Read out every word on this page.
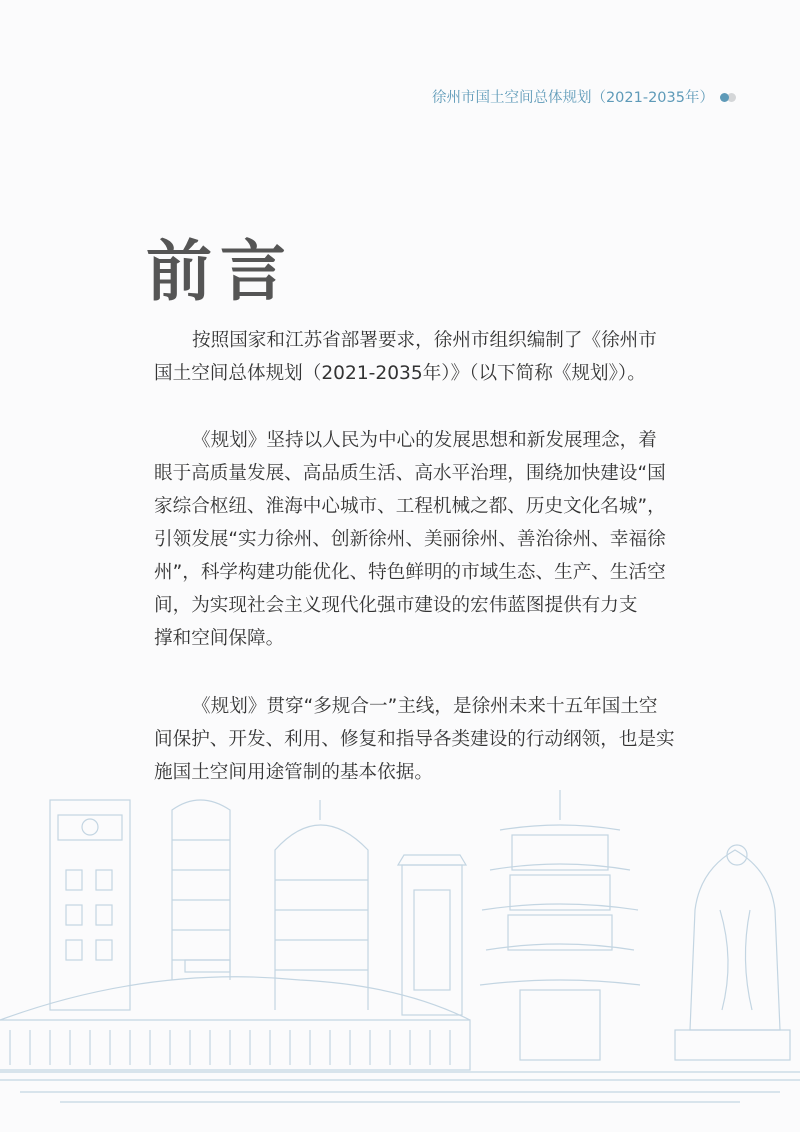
徐州市国土空间总体规划（2021-2035年）
前言
按照国家和江苏省部署要求，徐州市组织编制了《徐州市
国土空间总体规划（2021-2035年）》（以下简称《规划》）。
《规划》坚持以人民为中心的发展思想和新发展理念，着
眼于高质量发展、高品质生活、高水平治理，围绕加快建设“国
家综合枢纽、淮海中心城市、工程机械之都、历史文化名城”，
引领发展“实力徐州、创新徐州、美丽徐州、善治徐州、幸福徐
州”，科学构建功能优化、特色鲜明的市域生态、生产、生活空
间，为实现社会主义现代化强市建设的宏伟蓝图提供有力支
撑和空间保障。
《规划》贯穿“多规合一”主线，是徐州未来十五年国土空
间保护、开发、利用、修复和指导各类建设的行动纲领，也是实
施国土空间用途管制的基本依据。
